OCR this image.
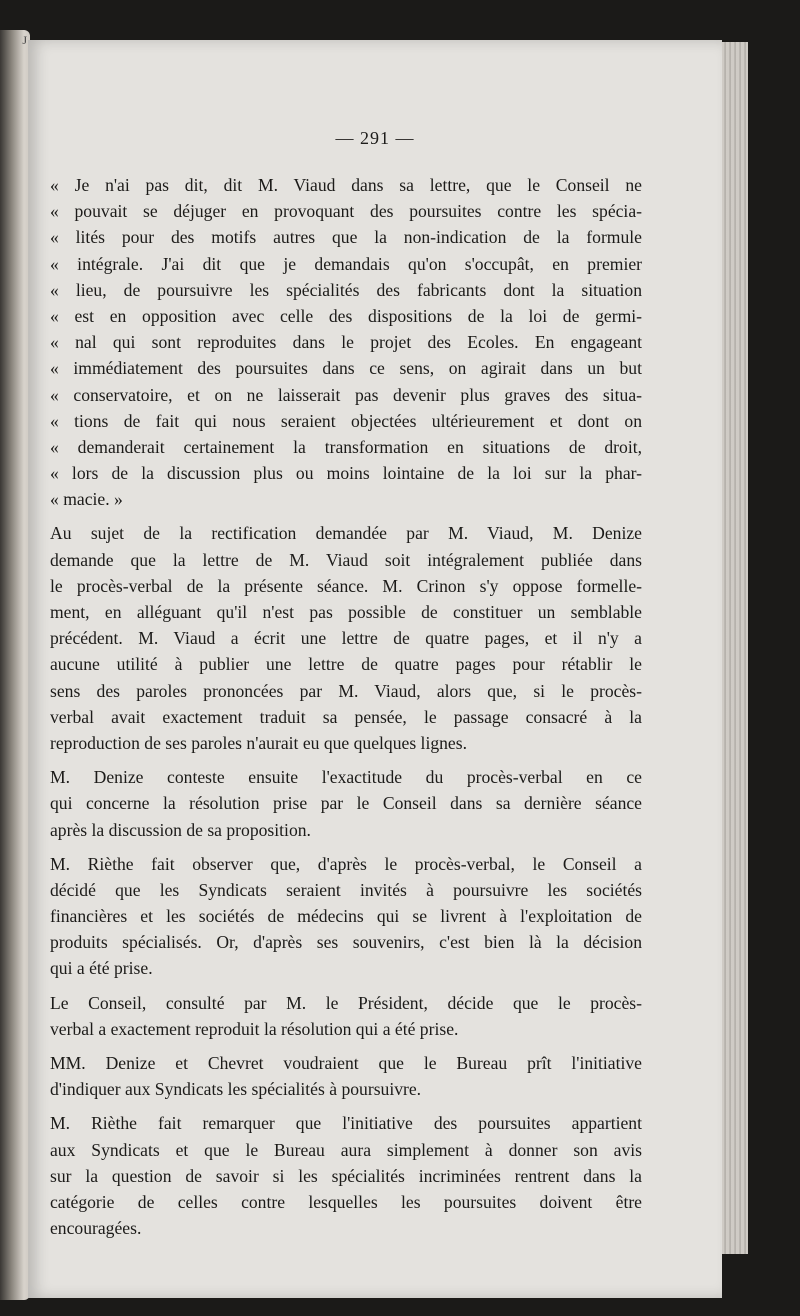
J
— 291 —
« Je n'ai pas dit, dit M. Viaud dans sa lettre, que le Conseil ne
« pouvait se déjuger en provoquant des poursuites contre les spécia-
« lités pour des motifs autres que la non-indication de la formule
« intégrale. J'ai dit que je demandais qu'on s'occupât, en premier
« lieu, de poursuivre les spécialités des fabricants dont la situation
« est en opposition avec celle des dispositions de la loi de germi-
« nal qui sont reproduites dans le projet des Ecoles. En engageant
« immédiatement des poursuites dans ce sens, on agirait dans un but
« conservatoire, et on ne laisserait pas devenir plus graves des situa-
« tions de fait qui nous seraient objectées ultérieurement et dont on
« demanderait certainement la transformation en situations de droit,
« lors de la discussion plus ou moins lointaine de la loi sur la phar-
« macie. »
Au sujet de la rectification demandée par M. Viaud, M. Denize
demande que la lettre de M. Viaud soit intégralement publiée dans
le procès-verbal de la présente séance. M. Crinon s'y oppose formelle-
ment, en alléguant qu'il n'est pas possible de constituer un semblable
précédent. M. Viaud a écrit une lettre de quatre pages, et il n'y a
aucune utilité à publier une lettre de quatre pages pour rétablir le
sens des paroles prononcées par M. Viaud, alors que, si le procès-
verbal avait exactement traduit sa pensée, le passage consacré à la
reproduction de ses paroles n'aurait eu que quelques lignes.
M. Denize conteste ensuite l'exactitude du procès-verbal en ce
qui concerne la résolution prise par le Conseil dans sa dernière séance
après la discussion de sa proposition.
M. Rièthe fait observer que, d'après le procès-verbal, le Conseil a
décidé que les Syndicats seraient invités à poursuivre les sociétés
financières et les sociétés de médecins qui se livrent à l'exploitation de
produits spécialisés. Or, d'après ses souvenirs, c'est bien là la décision
qui a été prise.
Le Conseil, consulté par M. le Président, décide que le procès-
verbal a exactement reproduit la résolution qui a été prise.
MM. Denize et Chevret voudraient que le Bureau prît l'initiative
d'indiquer aux Syndicats les spécialités à poursuivre.
M. Rièthe fait remarquer que l'initiative des poursuites appartient
aux Syndicats et que le Bureau aura simplement à donner son avis
sur la question de savoir si les spécialités incriminées rentrent dans la
catégorie de celles contre lesquelles les poursuites doivent être
encouragées.
